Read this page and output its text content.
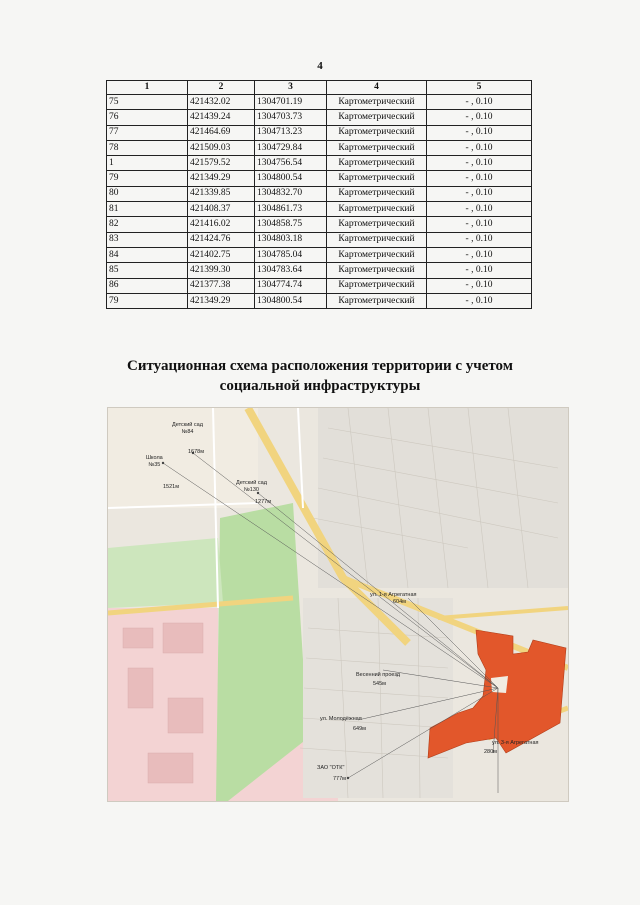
4
1	2	3	4	5
75	421432.02	1304701.19	Картометрический	- , 0.10
76	421439.24	1304703.73	Картометрический	- , 0.10
77	421464.69	1304713.23	Картометрический	- , 0.10
78	421509.03	1304729.84	Картометрический	- , 0.10
1	421579.52	1304756.54	Картометрический	- , 0.10
79	421349.29	1304800.54	Картометрический	- , 0.10
80	421339.85	1304832.70	Картометрический	- , 0.10
81	421408.37	1304861.73	Картометрический	- , 0.10
82	421416.02	1304858.75	Картометрический	- , 0.10
83	421424.76	1304803.18	Картометрический	- , 0.10
84	421402.75	1304785.04	Картометрический	- , 0.10
85	421399.30	1304783.64	Картометрический	- , 0.10
86	421377.38	1304774.74	Картометрический	- , 0.10
79	421349.29	1304800.54	Картометрический	- , 0.10
Ситуационная схема расположения территории с учетом
социальной инфраструктуры
Детский сад
№84
1678м
Школа
№35
1521м
Детский сад
№130
1277м
ул. 1-я Агрегатная
604м
Весенний проезд
545м
ул. Молодёжная
649м
ул. 3-я Агрегатная
280м
ЗАО "ОТК"
777м
